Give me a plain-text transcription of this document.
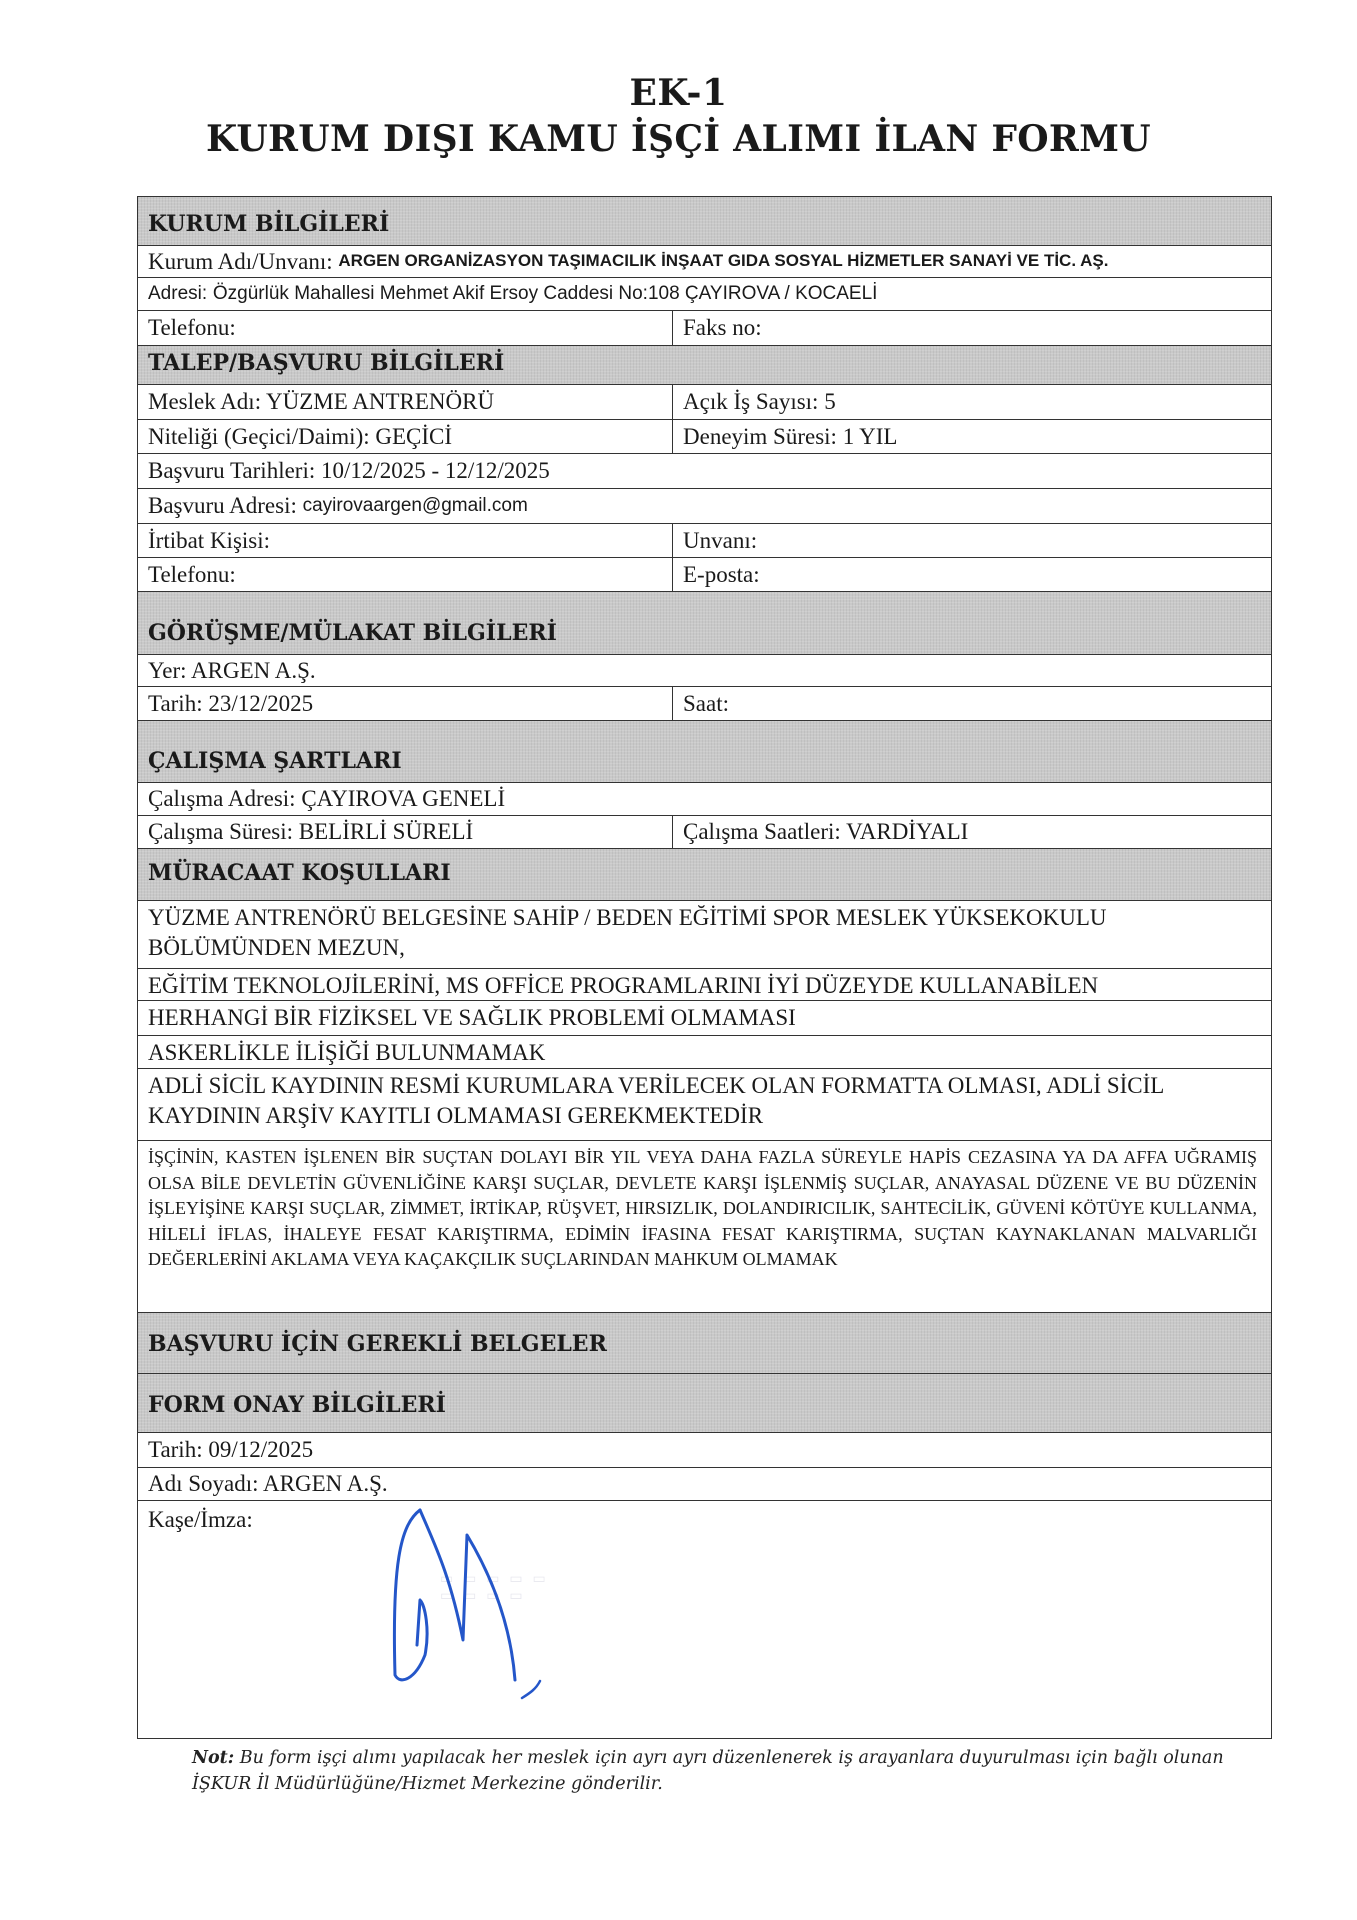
EK-1
KURUM DIŞI KAMU İŞÇİ ALIMI İLAN FORMU
KURUM BİLGİLERİ
Kurum Adı/Unvanı:
ARGEN ORGANİZASYON TAŞIMACILIK İNŞAAT GIDA SOSYAL HİZMETLER SANAYİ VE TİC. AŞ.
Adresi:
Özgürlük Mahallesi Mehmet Akif Ersoy Caddesi No:108 ÇAYIROVA / KOCAELİ
Telefonu:	Faks no:
TALEP/BAŞVURU BİLGİLERİ
Meslek Adı: YÜZME ANTRENÖRÜ	Açık İş Sayısı: 5
Niteliği (Geçici/Daimi): GEÇİCİ	Deneyim Süresi: 1 YIL
Başvuru Tarihleri: 10/12/2025 - 12/12/2025
Başvuru Adresi:
cayirovaargen@gmail.com
İrtibat Kişisi:	Unvanı:
Telefonu:	E-posta:
GÖRÜŞME/MÜLAKAT BİLGİLERİ
Yer: ARGEN A.Ş.
Tarih: 23/12/2025	Saat:
ÇALIŞMA ŞARTLARI
Çalışma Adresi: ÇAYIROVA GENELİ
Çalışma Süresi: BELİRLİ SÜRELİ	Çalışma Saatleri: VARDİYALI
MÜRACAAT KOŞULLARI
YÜZME ANTRENÖRÜ BELGESİNE SAHİP / BEDEN EĞİTİMİ SPOR MESLEK YÜKSEKOKULU BÖLÜMÜNDEN MEZUN,
EĞİTİM TEKNOLOJİLERİNİ, MS OFFİCE PROGRAMLARINI İYİ DÜZEYDE KULLANABİLEN
HERHANGİ BİR FİZİKSEL VE SAĞLIK PROBLEMİ OLMAMASI
ASKERLİKLE İLİŞİĞİ BULUNMAMAK
ADLİ SİCİL KAYDININ RESMİ KURUMLARA VERİLECEK OLAN FORMATTA OLMASI, ADLİ SİCİL KAYDININ ARŞİV KAYITLI OLMAMASI GEREKMEKTEDİR
İŞÇİNİN, KASTEN İŞLENEN BİR SUÇTAN DOLAYI BİR YIL VEYA DAHA FAZLA SÜREYLE HAPİS CEZASINA YA DA AFFA UĞRAMIŞ OLSA BİLE DEVLETİN GÜVENLİĞİNE KARŞI SUÇLAR, DEVLETE KARŞI İŞLENMİŞ SUÇLAR, ANAYASAL DÜZENE VE BU DÜZENİN İŞLEYİŞİNE KARŞI SUÇLAR, ZİMMET, İRTİKAP, RÜŞVET, HIRSIZLIK, DOLANDIRICILIK, SAHTECİLİK, GÜVENİ KÖTÜYE KULLANMA, HİLELİ İFLAS, İHALEYE FESAT KARIŞTIRMA, EDİMİN İFASINA FESAT KARIŞTIRMA, SUÇTAN KAYNAKLANAN MALVARLIĞI DEĞERLERİNİ AKLAMA VEYA KAÇAKÇILIK SUÇLARINDAN MAHKUM OLMAMAK
BAŞVURU İÇİN GEREKLİ BELGELER
FORM ONAY BİLGİLERİ
Tarih: 09/12/2025
Adı Soyadı: ARGEN A.Ş.
Kaşe/İmza:
▭ ▭ ▭ ▭ ▭
▭ ▭ ▭ ▭
Not: Bu form işçi alımı yapılacak her meslek için ayrı ayrı düzenlenerek iş arayanlara duyurulması için bağlı olunan İŞKUR İl Müdürlüğüne/Hizmet Merkezine gönderilir.
